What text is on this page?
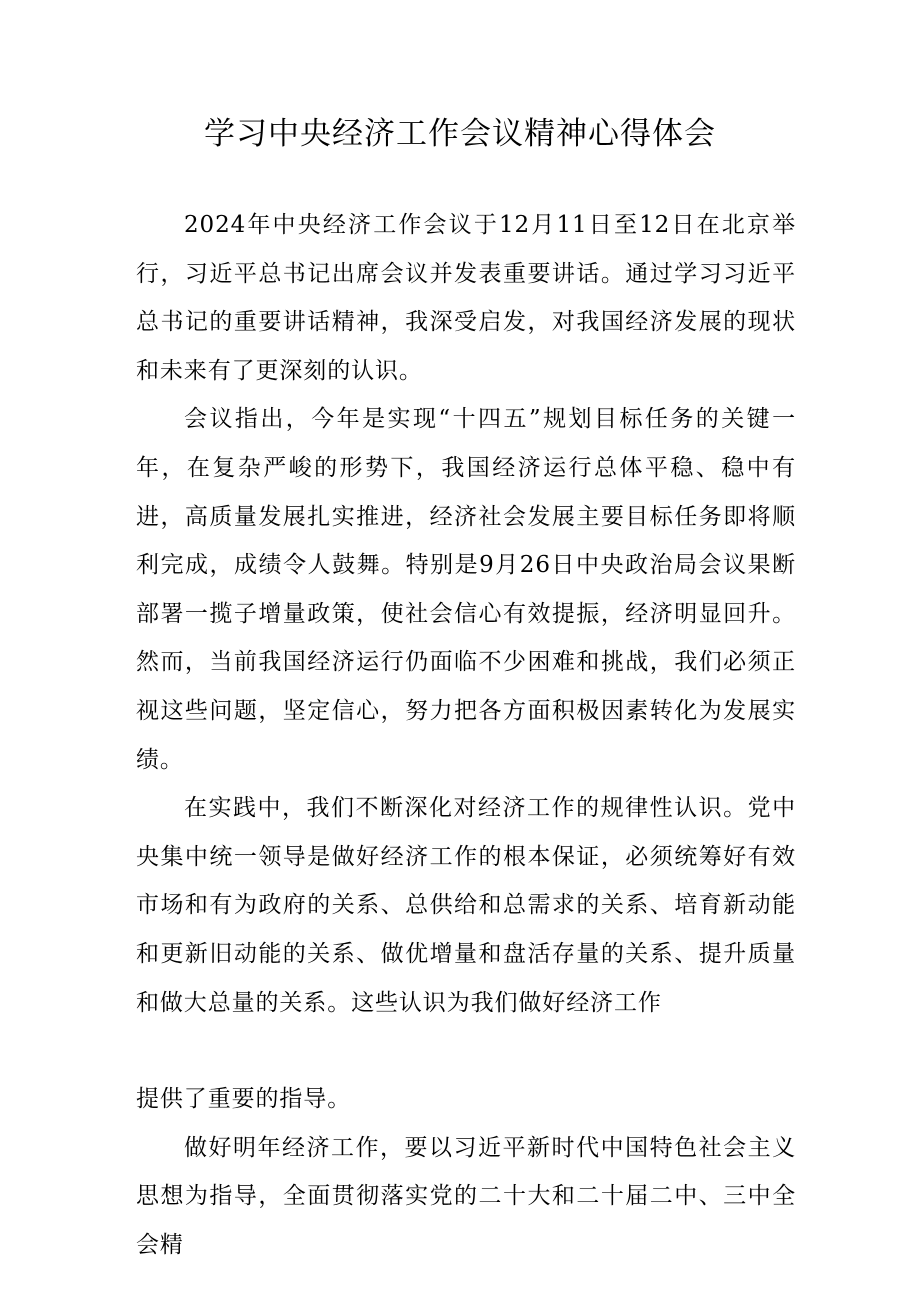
学习中央经济工作会议精神心得体会

2024年中央经济工作会议于12月11日至12日在北京举行，习近平总书记出席会议并发表重要讲话。通过学习习近平总书记的重要讲话精神，我深受启发，对我国经济发展的现状和未来有了更深刻的认识。

会议指出，今年是实现“十四五”规划目标任务的关键一年，在复杂严峻的形势下，我国经济运行总体平稳、稳中有进，高质量发展扎实推进，经济社会发展主要目标任务即将顺利完成，成绩令人鼓舞。特别是9月26日中央政治局会议果断部署一揽子增量政策，使社会信心有效提振，经济明显回升。然而，当前我国经济运行仍面临不少困难和挑战，我们必须正视这些问题，坚定信心，努力把各方面积极因素转化为发展实绩。

在实践中，我们不断深化对经济工作的规律性认识。党中央集中统一领导是做好经济工作的根本保证，必须统筹好有效市场和有为政府的关系、总供给和总需求的关系、培育新动能和更新旧动能的关系、做优增量和盘活存量的关系、提升质量和做大总量的关系。这些认识为我们做好经济工作

提供了重要的指导。

做好明年经济工作，要以习近平新时代中国特色社会主义思想为指导，全面贯彻落实党的二十大和二十届二中、三中全会精
